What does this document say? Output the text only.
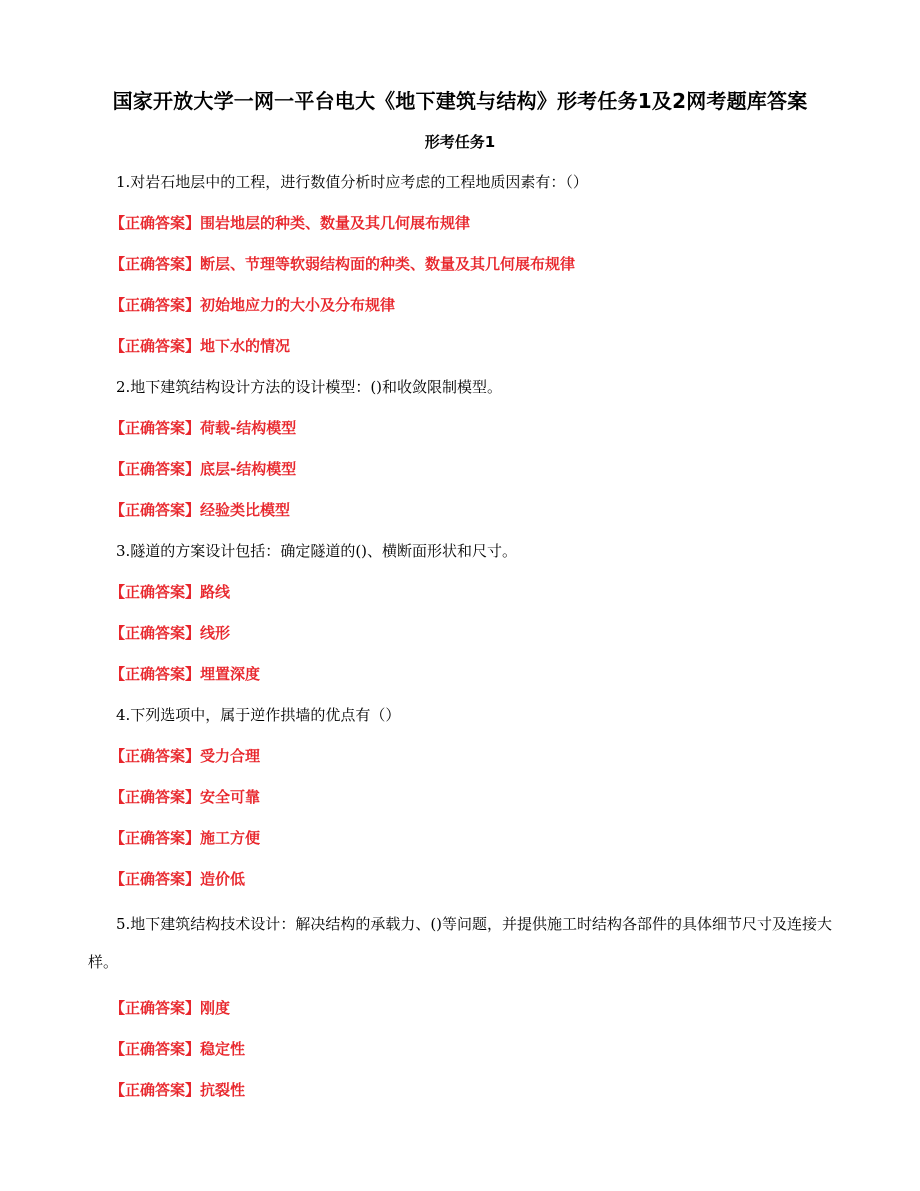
国家开放大学一网一平台电大《地下建筑与结构》形考任务1及2网考题库答案
形考任务1
1.对岩石地层中的工程，进行数值分析时应考虑的工程地质因素有：（）
【正确答案】围岩地层的种类、数量及其几何展布规律
【正确答案】断层、节理等软弱结构面的种类、数量及其几何展布规律
【正确答案】初始地应力的大小及分布规律
【正确答案】地下水的情况
2.地下建筑结构设计方法的设计模型：()和收敛限制模型。
【正确答案】荷载-结构模型
【正确答案】底层-结构模型
【正确答案】经验类比模型
3.隧道的方案设计包括：确定隧道的()、横断面形状和尺寸。
【正确答案】路线
【正确答案】线形
【正确答案】埋置深度
4.下列选项中，属于逆作拱墙的优点有（）
【正确答案】受力合理
【正确答案】安全可靠
【正确答案】施工方便
【正确答案】造价低
5.地下建筑结构技术设计：解决结构的承载力、()等问题，并提供施工时结构各部件的具体细节尺寸及连接大样。
【正确答案】刚度
【正确答案】稳定性
【正确答案】抗裂性
